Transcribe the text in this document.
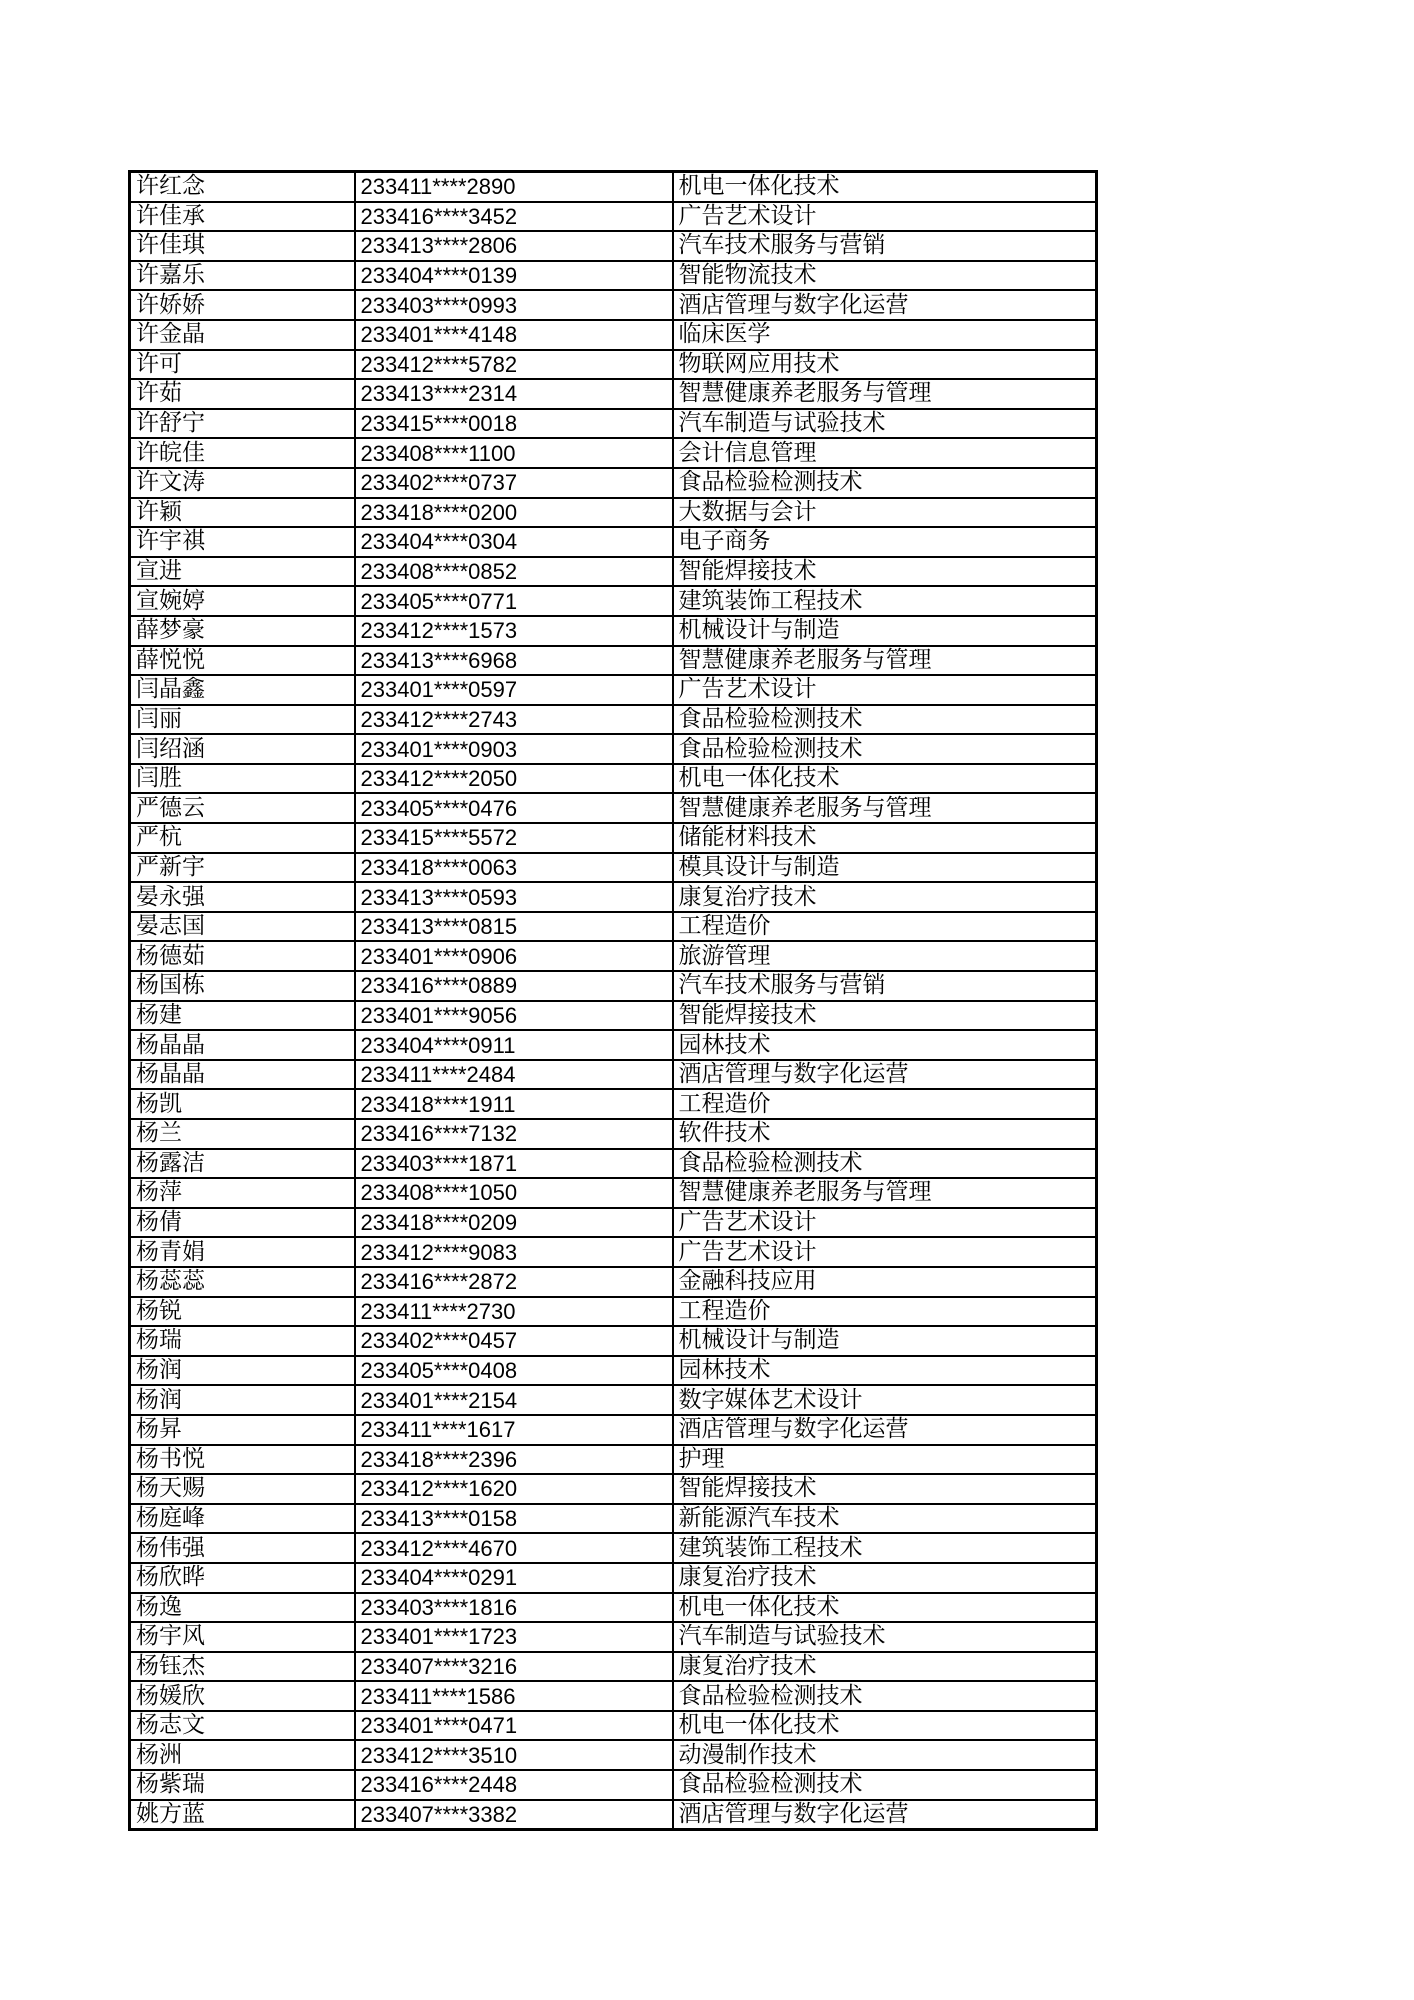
许红念	233411****2890	机电一体化技术
许佳承	233416****3452	广告艺术设计
许佳琪	233413****2806	汽车技术服务与营销
许嘉乐	233404****0139	智能物流技术
许娇娇	233403****0993	酒店管理与数字化运营
许金晶	233401****4148	临床医学
许可	233412****5782	物联网应用技术
许茹	233413****2314	智慧健康养老服务与管理
许舒宁	233415****0018	汽车制造与试验技术
许皖佳	233408****1100	会计信息管理
许文涛	233402****0737	食品检验检测技术
许颖	233418****0200	大数据与会计
许宇祺	233404****0304	电子商务
宣进	233408****0852	智能焊接技术
宣婉婷	233405****0771	建筑装饰工程技术
薛梦豪	233412****1573	机械设计与制造
薛悦悦	233413****6968	智慧健康养老服务与管理
闫晶鑫	233401****0597	广告艺术设计
闫丽	233412****2743	食品检验检测技术
闫绍涵	233401****0903	食品检验检测技术
闫胜	233412****2050	机电一体化技术
严德云	233405****0476	智慧健康养老服务与管理
严杭	233415****5572	储能材料技术
严新宇	233418****0063	模具设计与制造
晏永强	233413****0593	康复治疗技术
晏志国	233413****0815	工程造价
杨德茹	233401****0906	旅游管理
杨国栋	233416****0889	汽车技术服务与营销
杨建	233401****9056	智能焊接技术
杨晶晶	233404****0911	园林技术
杨晶晶	233411****2484	酒店管理与数字化运营
杨凯	233418****1911	工程造价
杨兰	233416****7132	软件技术
杨露洁	233403****1871	食品检验检测技术
杨萍	233408****1050	智慧健康养老服务与管理
杨倩	233418****0209	广告艺术设计
杨青娟	233412****9083	广告艺术设计
杨蕊蕊	233416****2872	金融科技应用
杨锐	233411****2730	工程造价
杨瑞	233402****0457	机械设计与制造
杨润	233405****0408	园林技术
杨润	233401****2154	数字媒体艺术设计
杨昇	233411****1617	酒店管理与数字化运营
杨书悦	233418****2396	护理
杨天赐	233412****1620	智能焊接技术
杨庭峰	233413****0158	新能源汽车技术
杨伟强	233412****4670	建筑装饰工程技术
杨欣晔	233404****0291	康复治疗技术
杨逸	233403****1816	机电一体化技术
杨宇风	233401****1723	汽车制造与试验技术
杨钰杰	233407****3216	康复治疗技术
杨媛欣	233411****1586	食品检验检测技术
杨志文	233401****0471	机电一体化技术
杨洲	233412****3510	动漫制作技术
杨紫瑞	233416****2448	食品检验检测技术
姚方蓝	233407****3382	酒店管理与数字化运营
